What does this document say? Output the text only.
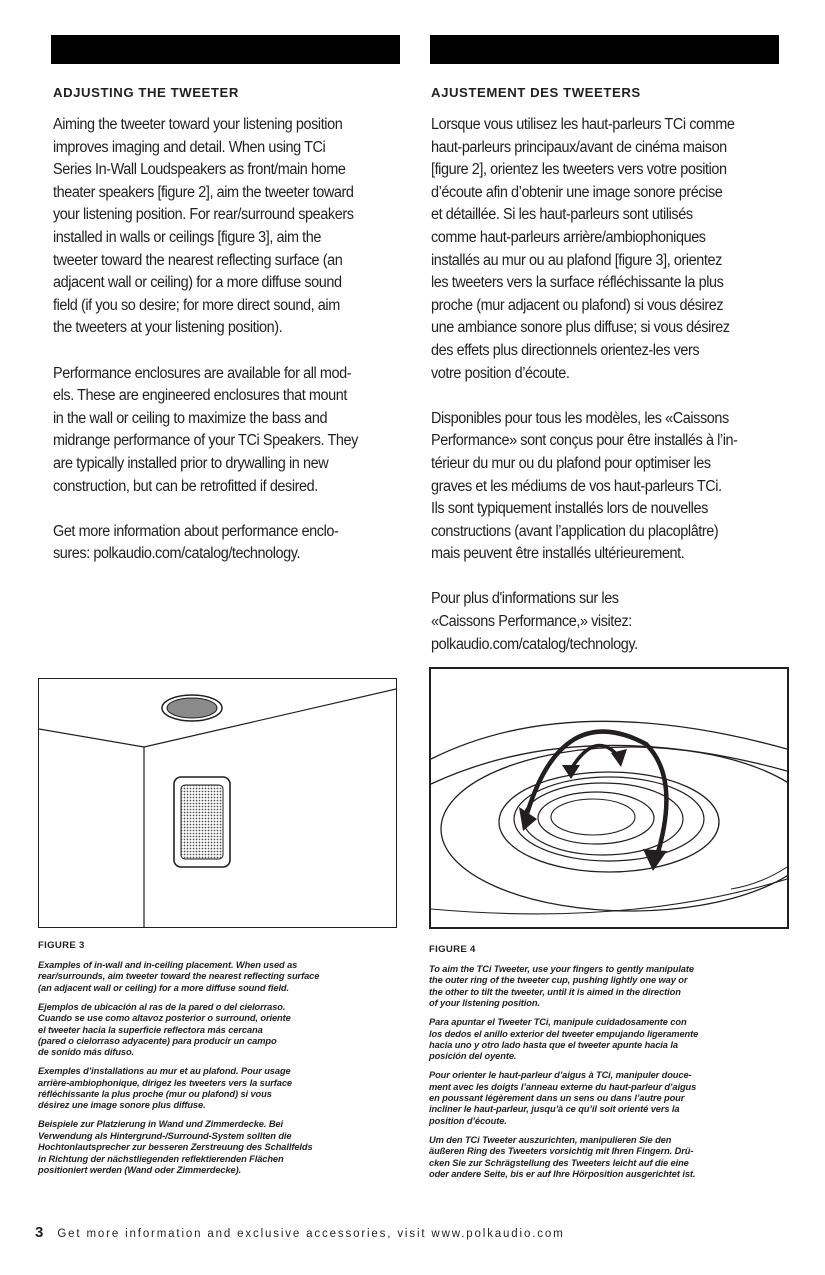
ADJUSTING THE TWEETER

Aiming the tweeter toward your listening position
improves imaging and detail. When using TCi
Series In-Wall Loudspeakers as front/main home
theater speakers [figure 2], aim the tweeter toward
your listening position. For rear/surround speakers
installed in walls or ceilings [figure 3], aim the
tweeter toward the nearest reflecting surface (an
adjacent wall or ceiling) for a more diffuse sound
field (if you so desire; for more direct sound, aim
the tweeters at your listening position).

Performance enclosures are available for all mod-
els. These are engineered enclosures that mount
in the wall or ceiling to maximize the bass and
midrange performance of your TCi Speakers. They
are typically installed prior to drywalling in new
construction, but can be retrofitted if desired.

Get more information about performance enclo-
sures: polkaudio.com/catalog/technology.

AJUSTEMENT DES TWEETERS

Lorsque vous utilisez les haut-parleurs TCi comme
haut-parleurs principaux/avant de cinéma maison
[figure 2], orientez les tweeters vers votre position
d’écoute afin d’obtenir une image sonore précise
et détaillée. Si les haut-parleurs sont utilisés
comme haut-parleurs arrière/ambiophoniques
installés au mur ou au plafond [figure 3], orientez
les tweeters vers la surface réfléchissante la plus
proche (mur adjacent ou plafond) si vous désirez
une ambiance sonore plus diffuse; si vous désirez
des effets plus directionnels orientez-les vers
votre position d’écoute.

Disponibles pour tous les modèles, les «Caissons
Performance» sont conçus pour être installés à l’in-
térieur du mur ou du plafond pour optimiser les
graves et les médiums de vos haut-parleurs TCi.
Ils sont typiquement installés lors de nouvelles
constructions (avant l’application du placoplâtre)
mais peuvent être installés ultérieurement.

Pour plus d'informations sur les
«Caissons Performance,» visitez:
polkaudio.com/catalog/technology.

FIGURE 3

Examples of in-wall and in-ceiling placement. When used as
rear/surrounds, aim tweeter toward the nearest reflecting surface
(an adjacent wall or ceiling) for a more diffuse sound field.

Ejemplos de ubicación al ras de la pared o del cielorraso.
Cuando se use como altavoz posterior o surround, oriente
el tweeter hacia la superficie reflectora más cercana
(pared o cielorraso adyacente) para producir un campo
de sonido más difuso.

Exemples d’installations au mur et au plafond. Pour usage
arrière-ambiophonique, dirigez les tweeters vers la surface
réfléchissante la plus proche (mur ou plafond) si vous
désirez une image sonore plus diffuse.

Beispiele zur Platzierung in Wand und Zimmerdecke. Bei
Verwendung als Hintergrund-/Surround-System sollten die
Hochtonlautsprecher zur besseren Zerstreuung des Schallfelds
in Richtung der nächstliegenden reflektierenden Flächen
positioniert werden (Wand oder Zimmerdecke).

FIGURE 4

To aim the TCi Tweeter, use your fingers to gently manipulate
the outer ring of the tweeter cup, pushing lightly one way or
the other to tilt the tweeter, until it is aimed in the direction
of your listening position.

Para apuntar el Tweeter TCi, manipule cuidadosamente con
los dedos el anillo exterior del tweeter empujando ligeramente
hacia uno y otro lado hasta que el tweeter apunte hacia la
posición del oyente.

Pour orienter le haut-parleur d’aigus à TCi, manipuler douce-
ment avec les doigts l’anneau externe du haut-parleur d’aigus
en poussant légèrement dans un sens ou dans l’autre pour
incliner le haut-parleur, jusqu’à ce qu’il soit orienté vers la
position d’écoute.

Um den TCi Tweeter auszurichten, manipulieren Sie den
äußeren Ring des Tweeters vorsichtig mit Ihren Fingern. Drü-
cken Sie zur Schrägstellung des Tweeters leicht auf die eine
oder andere Seite, bis er auf Ihre Hörposition ausgerichtet ist.

3 Get more information and exclusive accessories, visit www.polkaudio.com
